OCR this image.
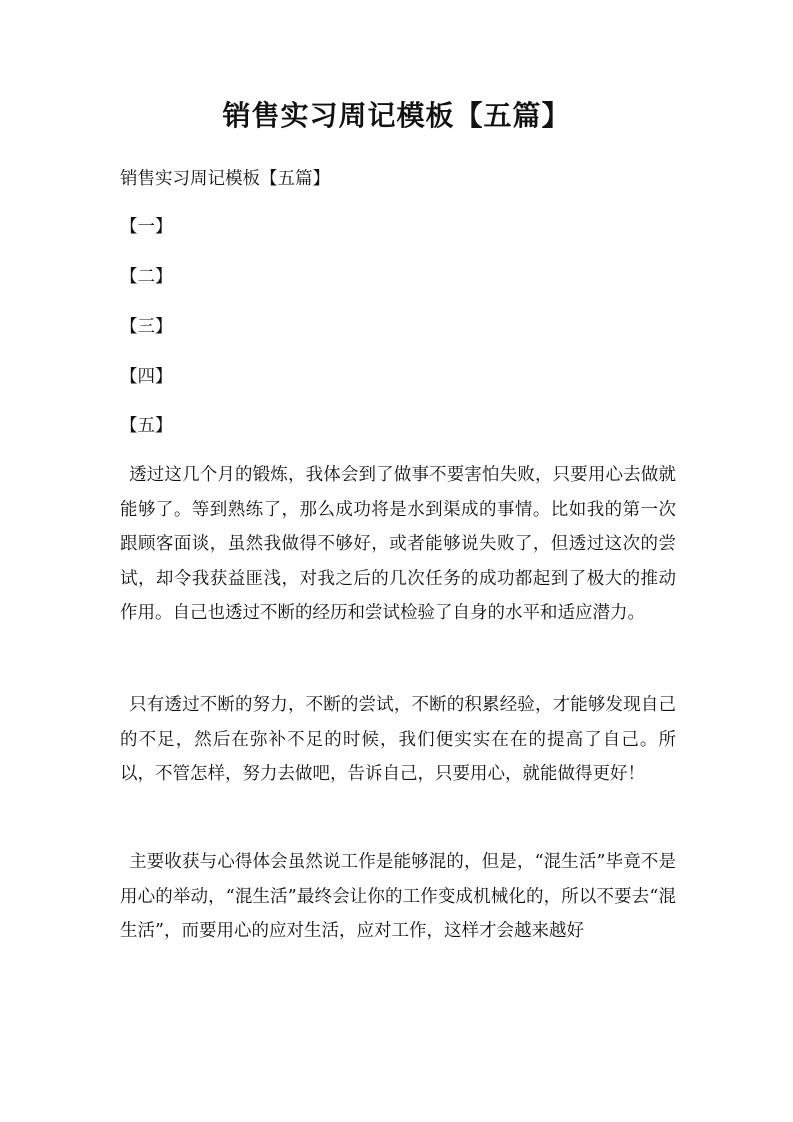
销售实习周记模板【五篇】
销售实习周记模板【五篇】
【一】
【二】
【三】
【四】
【五】

透过这几个月的锻炼，我体会到了做事不要害怕失败，只要用心去做就能够了。等到熟练了，那么成功将是水到渠成的事情。比如我的第一次跟顾客面谈，虽然我做得不够好，或者能够说失败了，但透过这次的尝试，却令我获益匪浅，对我之后的几次任务的成功都起到了极大的推动作用。自己也透过不断的经历和尝试检验了自身的水平和适应潜力。

只有透过不断的努力，不断的尝试，不断的积累经验，才能够发现自己的不足，然后在弥补不足的时候，我们便实实在在的提高了自己。所以，不管怎样，努力去做吧，告诉自己，只要用心，就能做得更好！

主要收获与心得体会虽然说工作是能够混的，但是，“混生活”毕竟不是用心的举动，“混生活”最终会让你的工作变成机械化的，所以不要去“混生活”，而要用心的应对生活，应对工作，这样才会越来越好
